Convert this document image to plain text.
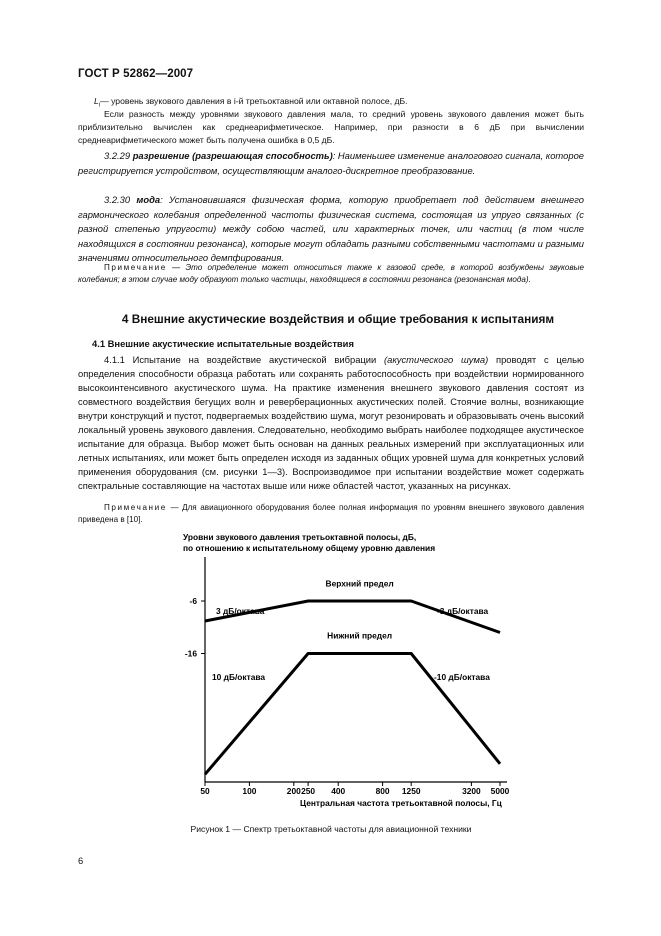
ГОСТ Р 52862—2007
$L_i—$ уровень звукового давления в i-й третьоктавной или октавной полосе, дБ.
Если разность между уровнями звукового давления мала, то средний уровень звукового давления может быть приблизительно вычислен как среднеарифметическое. Например, при разности в 6 дБ при вычислении среднеарифметического может быть получена ошибка в 0,5 дБ.
3.2.29 разрешение (разрешающая способность): Наименьшее изменение аналогового сигнала, которое регистрируется устройством, осуществляющим аналого-дискретное преобразование.
3.2.30 мода: Установившаяся физическая форма, которую приобретает под действием внешнего гармонического колебания определенной частоты физическая система, состоящая из упруго связанных (с разной степенью упругости) между собою частей, или характерных точек, или частиц (в том числе находящихся в состоянии резонанса), которые могут обладать разными собственными частотами и разными значениями относительного демпфирования.
Примечание — Это определение может относиться также к газовой среде, в которой возбуждены звуковые колебания; в этом случае моду образуют только частицы, находящиеся в состоянии резонанса (резонансная мода).
4 Внешние акустические воздействия и общие требования к испытаниям
4.1 Внешние акустические испытательные воздействия
4.1.1 Испытание на воздействие акустической вибрации (акустического шума) проводят с целью определения способности образца работать или сохранять работоспособность при воздействии нормированного высокоинтенсивного акустического шума. На практике изменения внешнего звукового давления состоят из совместного воздействия бегущих волн и реверберационных акустических полей. Стоячие волны, возникающие внутри конструкций и пустот, подвергаемых воздействию шума, могут резонировать и образовывать очень высокий локальный уровень звукового давления. Следовательно, необходимо выбрать наиболее подходящее акустическое испытание для образца. Выбор может быть основан на данных реальных измерений при эксплуатационных или летных испытаниях, или может быть определен исходя из заданных общих уровней шума для конкретных условий применения оборудования (см. рисунки 1—3). Воспроизводимое при испытании воздействие может содержать спектральные составляющие на частотах выше или ниже областей частот, указанных на рисунках.
Примечание — Для авиационного оборудования более полная информация по уровням внешнего звукового давления приведена в [10].
Уровни звукового давления третьоктавной полосы, дБ,
по отношению к испытательному общему уровню давления
-6
-16
50	100	200 250 400	800 1250	3200 5000
Верхний предел
Нижний предел
3 дБ/октава	-3 дБ/октава
10 дБ/октава	-10 дБ/октава
Центральная частота третьоктавной полосы, Гц
Рисунок 1 — Спектр третьоктавной частоты для авиационной техники
6
